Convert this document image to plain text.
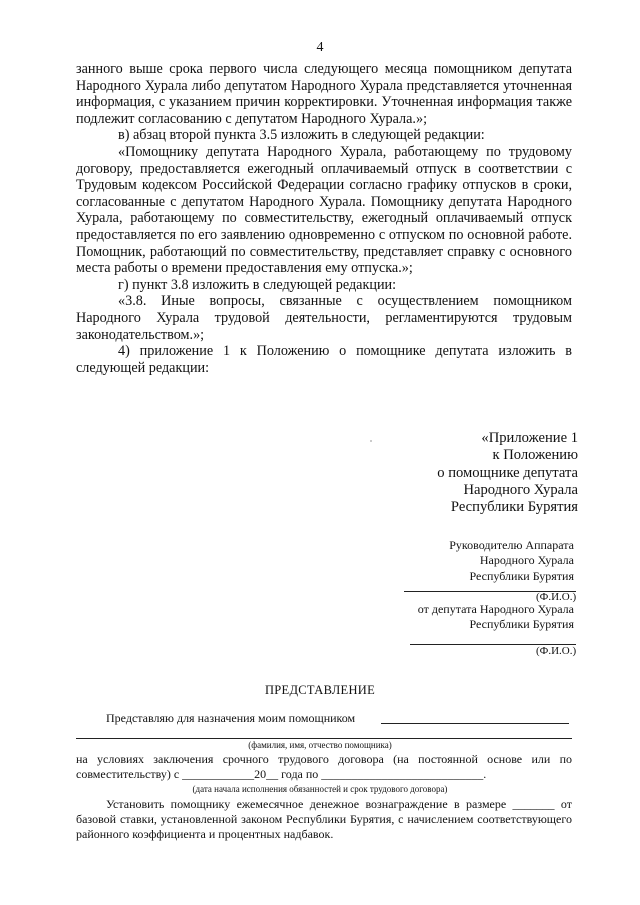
4

занного выше срока первого числа следующего месяца помощником депутата Народного Хурала либо депутатом Народного Хурала представляется уточненная информация, с указанием причин корректировки. Уточненная информация также подлежит согласованию с депутатом Народного Хурала.»;

в) абзац второй пункта 3.5 изложить в следующей редакции:

«Помощнику депутата Народного Хурала, работающему по трудовому договору, предоставляется ежегодный оплачиваемый отпуск в соответствии с Трудовым кодексом Российской Федерации согласно графику отпусков в сроки, согласованные с депутатом Народного Хурала. Помощнику депутата Народного Хурала, работающему по совместительству, ежегодный оплачиваемый отпуск предоставляется по его заявлению одновременно с отпуском по основной работе. Помощник, работающий по совместительству, представляет справку с основного места работы о времени предоставления ему отпуска.»;

г) пункт 3.8 изложить в следующей редакции:

«3.8. Иные вопросы, связанные с осуществлением помощником Народного Хурала трудовой деятельности, регламентируются трудовым законодательством.»;

4) приложение 1 к Положению о помощнике депутата изложить в следующей редакции:

«Приложение 1
к Положению
о помощнике депутата
Народного Хурала
Республики Бурятия
Руководителю Аппарата
Народного Хурала
Республики Бурятия
(Ф.И.О.)
от депутата Народного Хурала
Республики Бурятия
(Ф.И.О.)
ПРЕДСТАВЛЕНИЕ
Представляю для назначения моим помощником
(фамилия, имя, отчество помощника)
на условиях заключения срочного трудового договора (на постоянной основе или по совместительству) с ____________20__ года по ___________________________.
(дата начала исполнения обязанностей и срок трудового договора)
Установить помощнику ежемесячное денежное вознаграждение в размере _______ от базовой ставки, установленной законом Республики Бурятия, с начислением соответствующего районного коэффициента и процентных надбавок.
